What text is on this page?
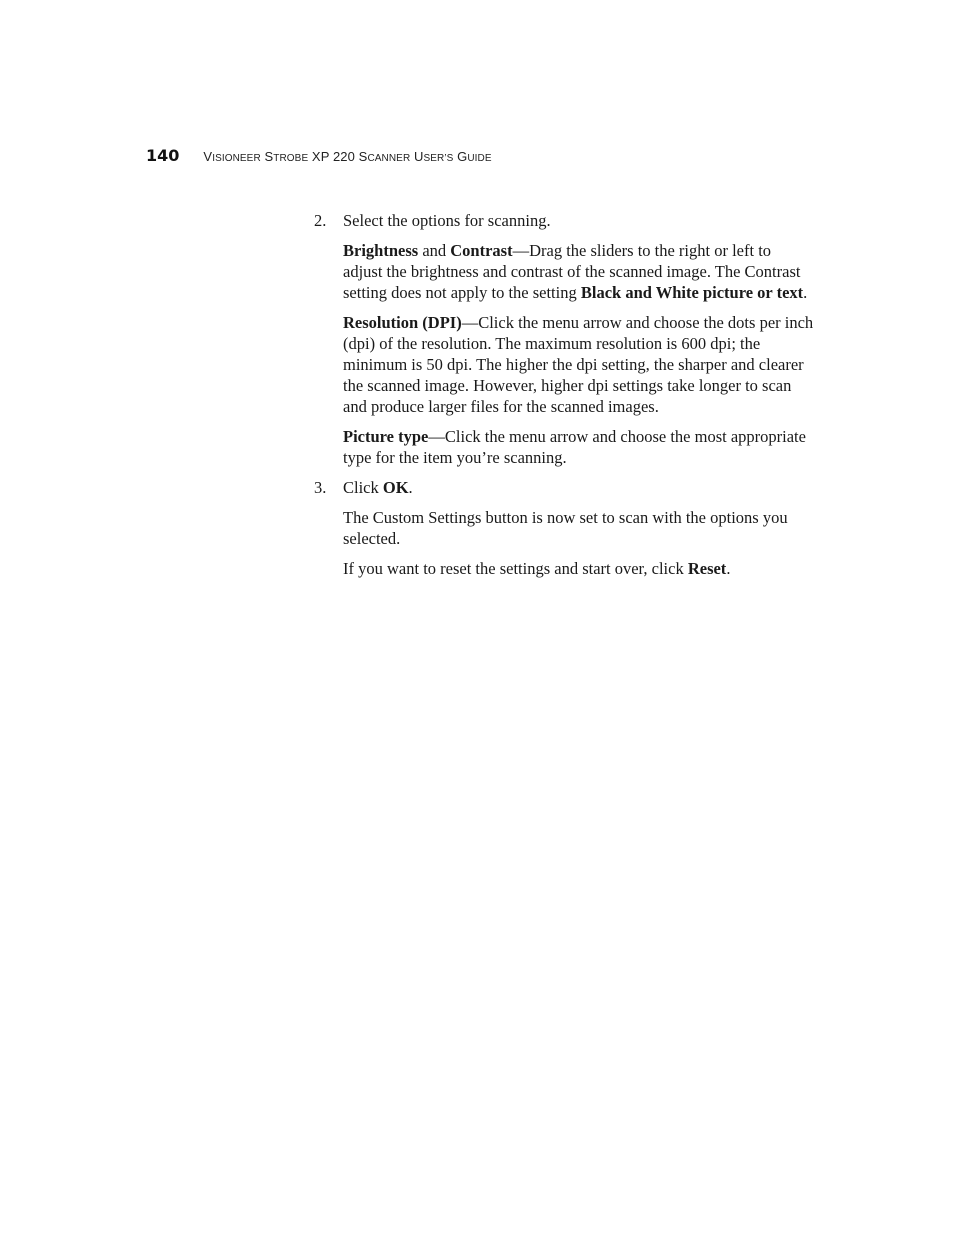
140 VISIONEER STROBE XP 220 SCANNER USER’S GUIDE

2. Select the options for scanning.

Brightness and Contrast—Drag the sliders to the right or left to adjust the brightness and contrast of the scanned image. The Contrast setting does not apply to the setting Black and White picture or text.

Resolution (DPI)—Click the menu arrow and choose the dots per inch (dpi) of the resolution. The maximum resolution is 600 dpi; the minimum is 50 dpi. The higher the dpi setting, the sharper and clearer the scanned image. However, higher dpi settings take longer to scan and produce larger files for the scanned images.

Picture type—Click the menu arrow and choose the most appropriate type for the item you’re scanning.

3. Click OK.

The Custom Settings button is now set to scan with the options you selected.

If you want to reset the settings and start over, click Reset.
